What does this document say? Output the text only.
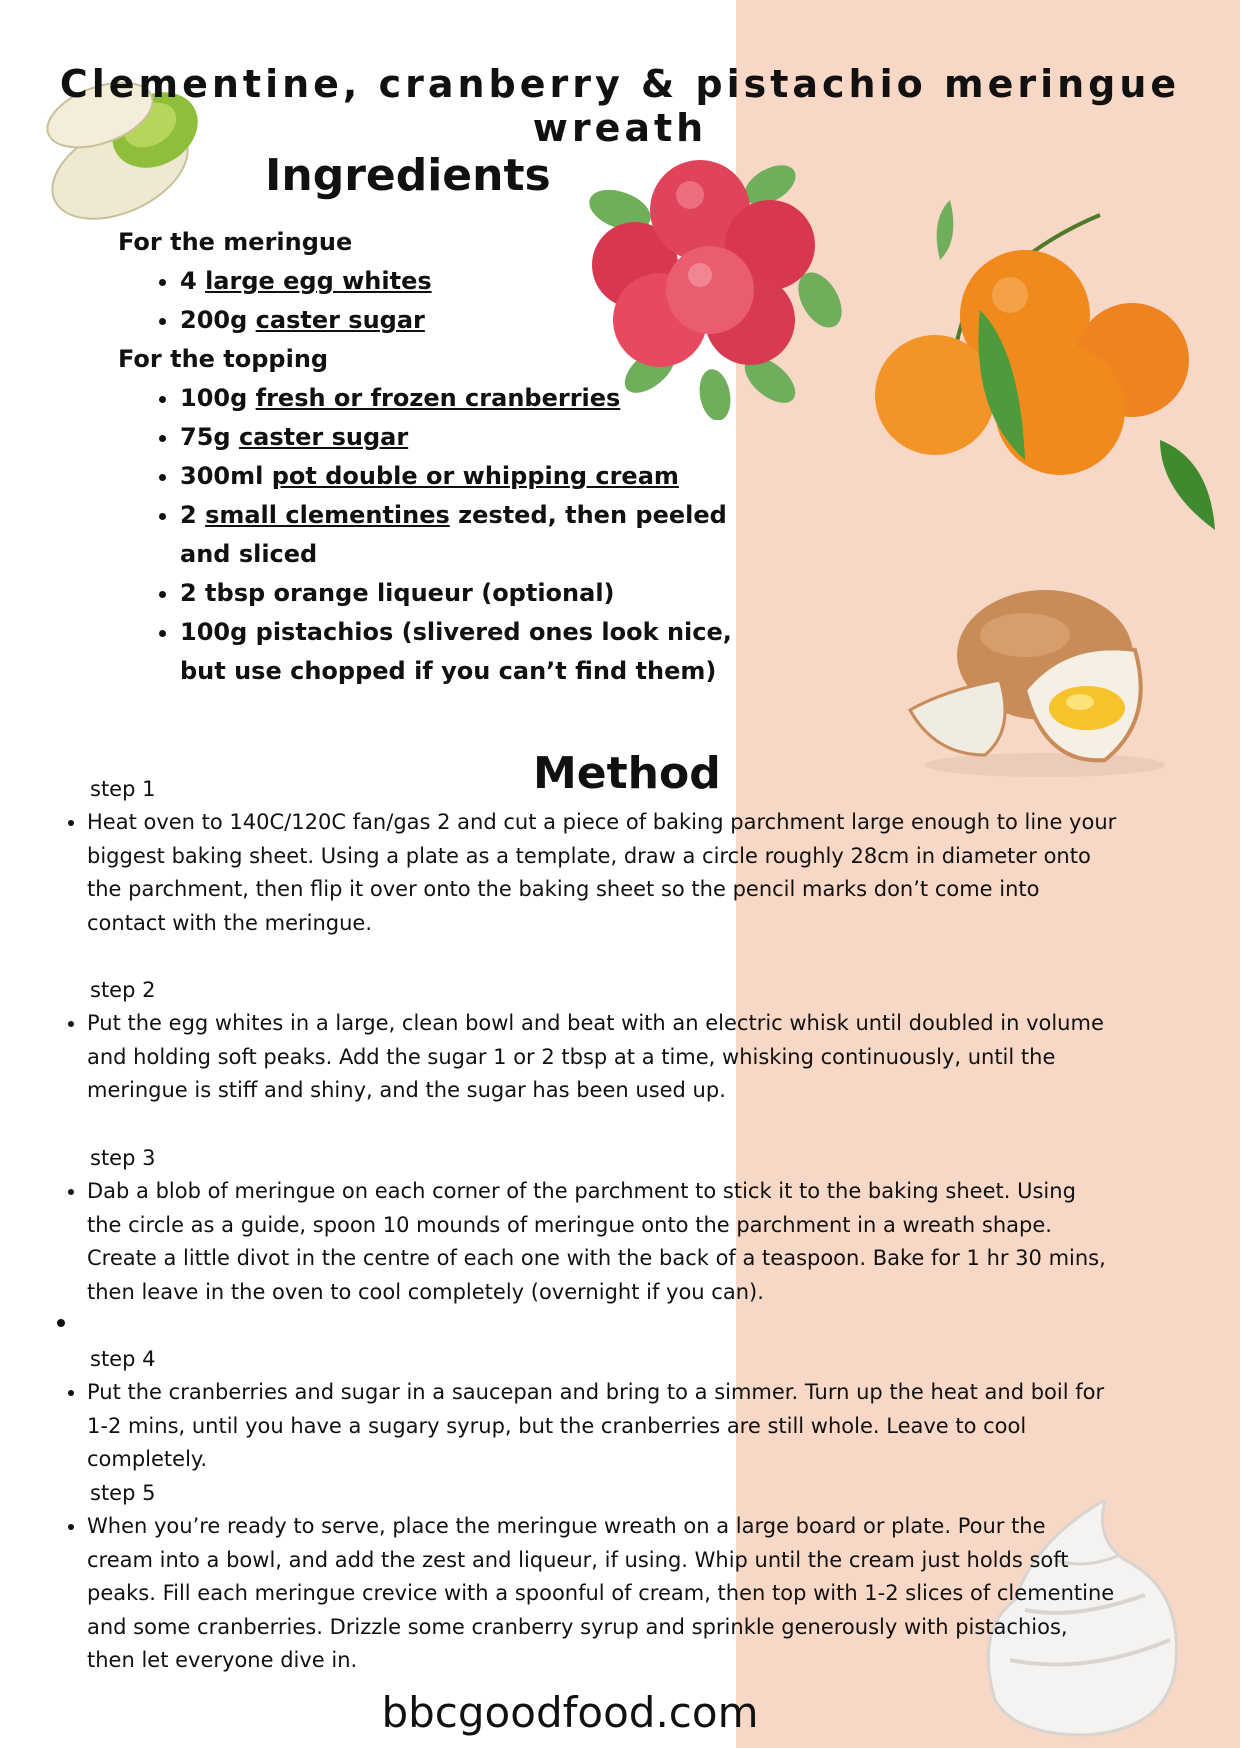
Clementine, cranberry & pistachio meringue wreath
Ingredients

For the meringue

• 4 large egg whites
• 200g caster sugar

For the topping

• 100g fresh or frozen cranberries
• 75g caster sugar
• 300ml pot double or whipping cream
• 2 small clementines zested, then peeled and sliced
• 2 tbsp orange liqueur (optional)
• 100g pistachios (slivered ones look nice, but use chopped if you can’t find them)
Method

step 1

• Heat oven to 140C/120C fan/gas 2 and cut a piece of baking parchment large enough to line your biggest baking sheet. Using a plate as a template, draw a circle roughly 28cm in diameter onto the parchment, then flip it over onto the baking sheet so the pencil marks don’t come into contact with the meringue.

step 2

• Put the egg whites in a large, clean bowl and beat with an electric whisk until doubled in volume and holding soft peaks. Add the sugar 1 or 2 tbsp at a time, whisking continuously, until the meringue is stiff and shiny, and the sugar has been used up.

step 3

• Dab a blob of meringue on each corner of the parchment to stick it to the baking sheet. Using the circle as a guide, spoon 10 mounds of meringue onto the parchment in a wreath shape. Create a little divot in the centre of each one with the back of a teaspoon. Bake for 1 hr 30 mins, then leave in the oven to cool completely (overnight if you can).

step 4

• Put the cranberries and sugar in a saucepan and bring to a simmer. Turn up the heat and boil for 1-2 mins, until you have a sugary syrup, but the cranberries are still whole. Leave to cool completely.

step 5

• When you’re ready to serve, place the meringue wreath on a large board or plate. Pour the cream into a bowl, and add the zest and liqueur, if using. Whip until the cream just holds soft peaks. Fill each meringue crevice with a spoonful of cream, then top with 1-2 slices of clementine and some cranberries. Drizzle some cranberry syrup and sprinkle generously with pistachios, then let everyone dive in.

bbcgoodfood.com
